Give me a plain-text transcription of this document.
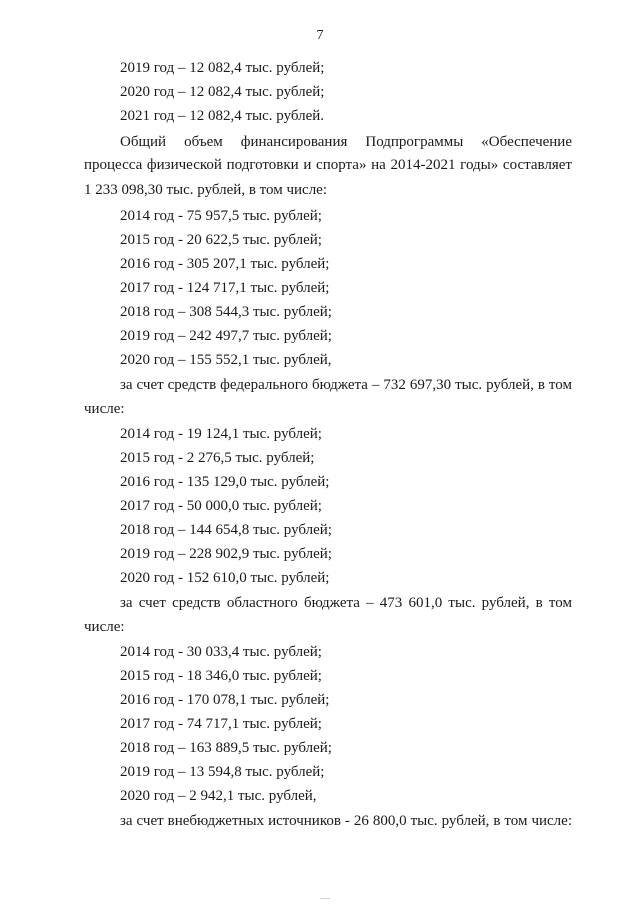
7
2019 год – 12 082,4 тыс. рублей;
2020 год – 12 082,4 тыс. рублей;
2021 год – 12 082,4 тыс. рублей.
Общий объем финансирования Подпрограммы «Обеспечение
процесса физической подготовки и спорта» на 2014-2021 годы» составляет
1 233 098,30 тыс. рублей, в том числе:
2014 год - 75 957,5 тыс. рублей;
2015 год - 20 622,5 тыс. рублей;
2016 год - 305 207,1 тыс. рублей;
2017 год - 124 717,1 тыс. рублей;
2018 год – 308 544,3 тыс. рублей;
2019 год – 242 497,7 тыс. рублей;
2020 год – 155 552,1 тыс. рублей,
за счет средств федерального бюджета – 732 697,30 тыс. рублей, в том
числе:
2014 год - 19 124,1 тыс. рублей;
2015 год - 2 276,5 тыс. рублей;
2016 год - 135 129,0 тыс. рублей;
2017 год - 50 000,0 тыс. рублей;
2018 год – 144 654,8 тыс. рублей;
2019 год – 228 902,9 тыс. рублей;
2020 год - 152 610,0 тыс. рублей;
за счет средств областного бюджета – 473 601,0 тыс. рублей, в том
числе:
2014 год - 30 033,4 тыс. рублей;
2015 год - 18 346,0 тыс. рублей;
2016 год - 170 078,1 тыс. рублей;
2017 год - 74 717,1 тыс. рублей;
2018 год – 163 889,5 тыс. рублей;
2019 год – 13 594,8 тыс. рублей;
2020 год – 2 942,1 тыс. рублей,
за счет внебюджетных источников - 26 800,0 тыс. рублей, в том числе:
